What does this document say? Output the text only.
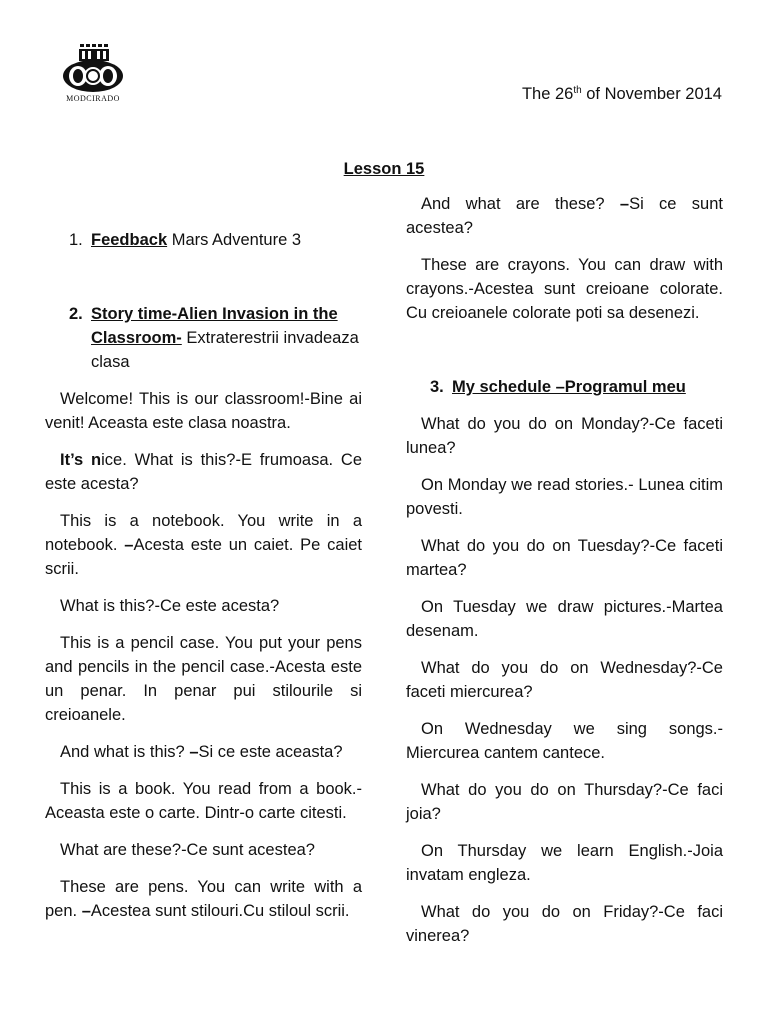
MODCIRADO	The 26th of November 2014
Lesson 15
1. Feedback Mars Adventure 3
2. Story time-Alien Invasion in the Classroom- Extraterestrii invadeaza clasa

Welcome! This is our classroom!-Bine ai venit! Aceasta este clasa noastra.

It’s nice. What is this?-E frumoasa. Ce este acesta?

This is a notebook. You write in a notebook. –Acesta este un caiet. Pe caiet scrii.

What is this?-Ce este acesta?

This is a pencil case. You put your pens and pencils in the pencil case.-Acesta este un penar. In penar pui stilourile si creioanele.

And what is this? –Si ce este aceasta?

This is a book. You read from a book.-Aceasta este o carte. Dintr-o carte citesti.

What are these?-Ce sunt acestea?

These are pens. You can write with a pen. –Acestea sunt stilouri.Cu stiloul scrii.

And what are these? –Si ce sunt acestea?

These are crayons. You can draw with crayons.-Acestea sunt creioane colorate. Cu creioanele colorate poti sa desenezi.

3. My schedule –Programul meu

What do you do on Monday?-Ce faceti lunea?

On Monday we read stories.- Lunea citim povesti.

What do you do on Tuesday?-Ce faceti martea?

On Tuesday we draw pictures.-Martea desenam.

What do you do on Wednesday?-Ce faceti miercurea?

On Wednesday we sing songs.-Miercurea cantem cantece.

What do you do on Thursday?-Ce faci joia?

On Thursday we learn English.-Joia invatam engleza.

What do you do on Friday?-Ce faci vinerea?
